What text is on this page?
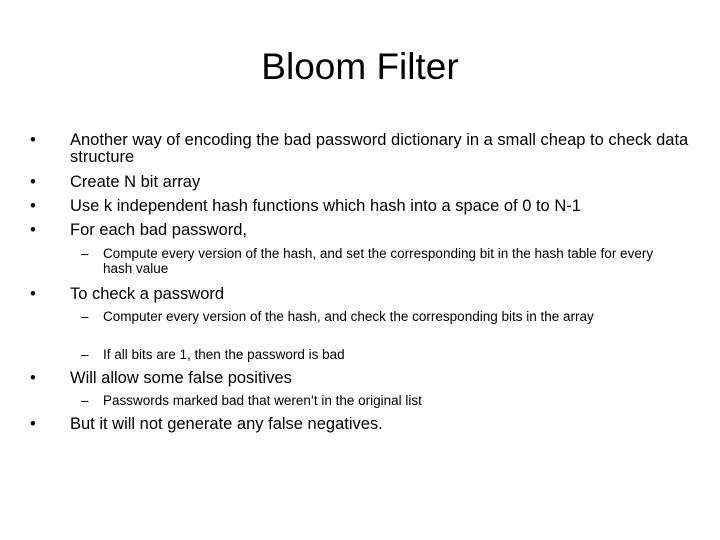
Bloom Filter
•	Another way of encoding the bad password dictionary in a small cheap to check data structure
•	Create N bit array
•	Use k independent hash functions which hash into a space of 0 to N-1
•	For each bad password,
–	Compute every version of the hash, and set the corresponding bit in the hash table for every hash value
•	To check a password
–	Computer every version of the hash, and check the corresponding bits in the array
–	If all bits are 1, then the password is bad
•	Will allow some false positives
–	Passwords marked bad that weren’t in the original list
•	But it will not generate any false negatives.
